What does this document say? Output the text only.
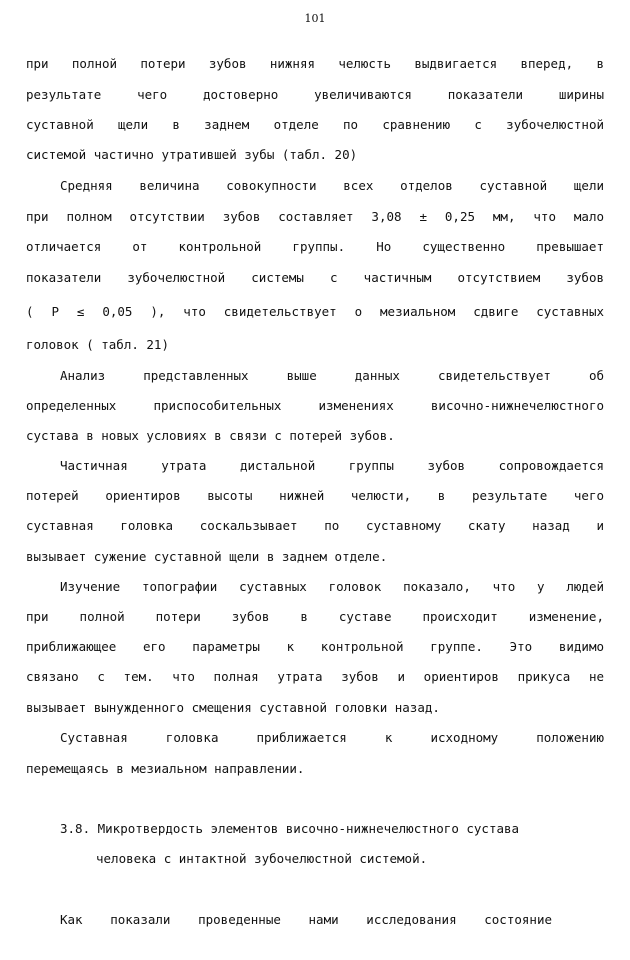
101
при полной потери зубов нижняя челюсть выдвигается вперед, в
результате чего достоверно увеличиваются показатели ширины
суставной щели в заднем отделе по сравнению с зубочелюстной
системой частично утратившей зубы (табл. 20)
Средняя величина совокупности всех отделов суставной щели
при полном отсутствии зубов составляет 3,08 ± 0,25 мм, что мало
отличается от контрольной группы. Но существенно превышает
показатели зубочелюстной системы с частичным отсутствием зубов
( Р ≤ 0,05 ), что свидетельствует о мезиальном сдвиге суставных
головок ( табл. 21)
Анализ представленных выше данных свидетельствует об
определенных приспособительных изменениях височно-нижнечелюстного
сустава в новых условиях в связи с потерей зубов.
Частичная утрата дистальной группы зубов сопровождается
потерей ориентиров высоты нижней челюсти, в результате чего
суставная головка соскальзывает по суставному скату назад и
вызывает сужение суставной щели в заднем отделе.
Изучение топографии суставных головок показало, что у людей
при полной потери зубов в суставе происходит изменение,
приближающее его параметры к контрольной группе. Это видимо
связано с тем. что полная утрата зубов и ориентиров прикуса не
вызывает вынужденного смещения суставной головки назад.
Суставная головка приближается к исходному положению
перемещаясь в мезиальном направлении.
3.8. Микротвердость элементов височно-нижнечелюстного сустава
человека с интактной зубочелюстной системой.
Как показали проведенные нами исследования состояние
